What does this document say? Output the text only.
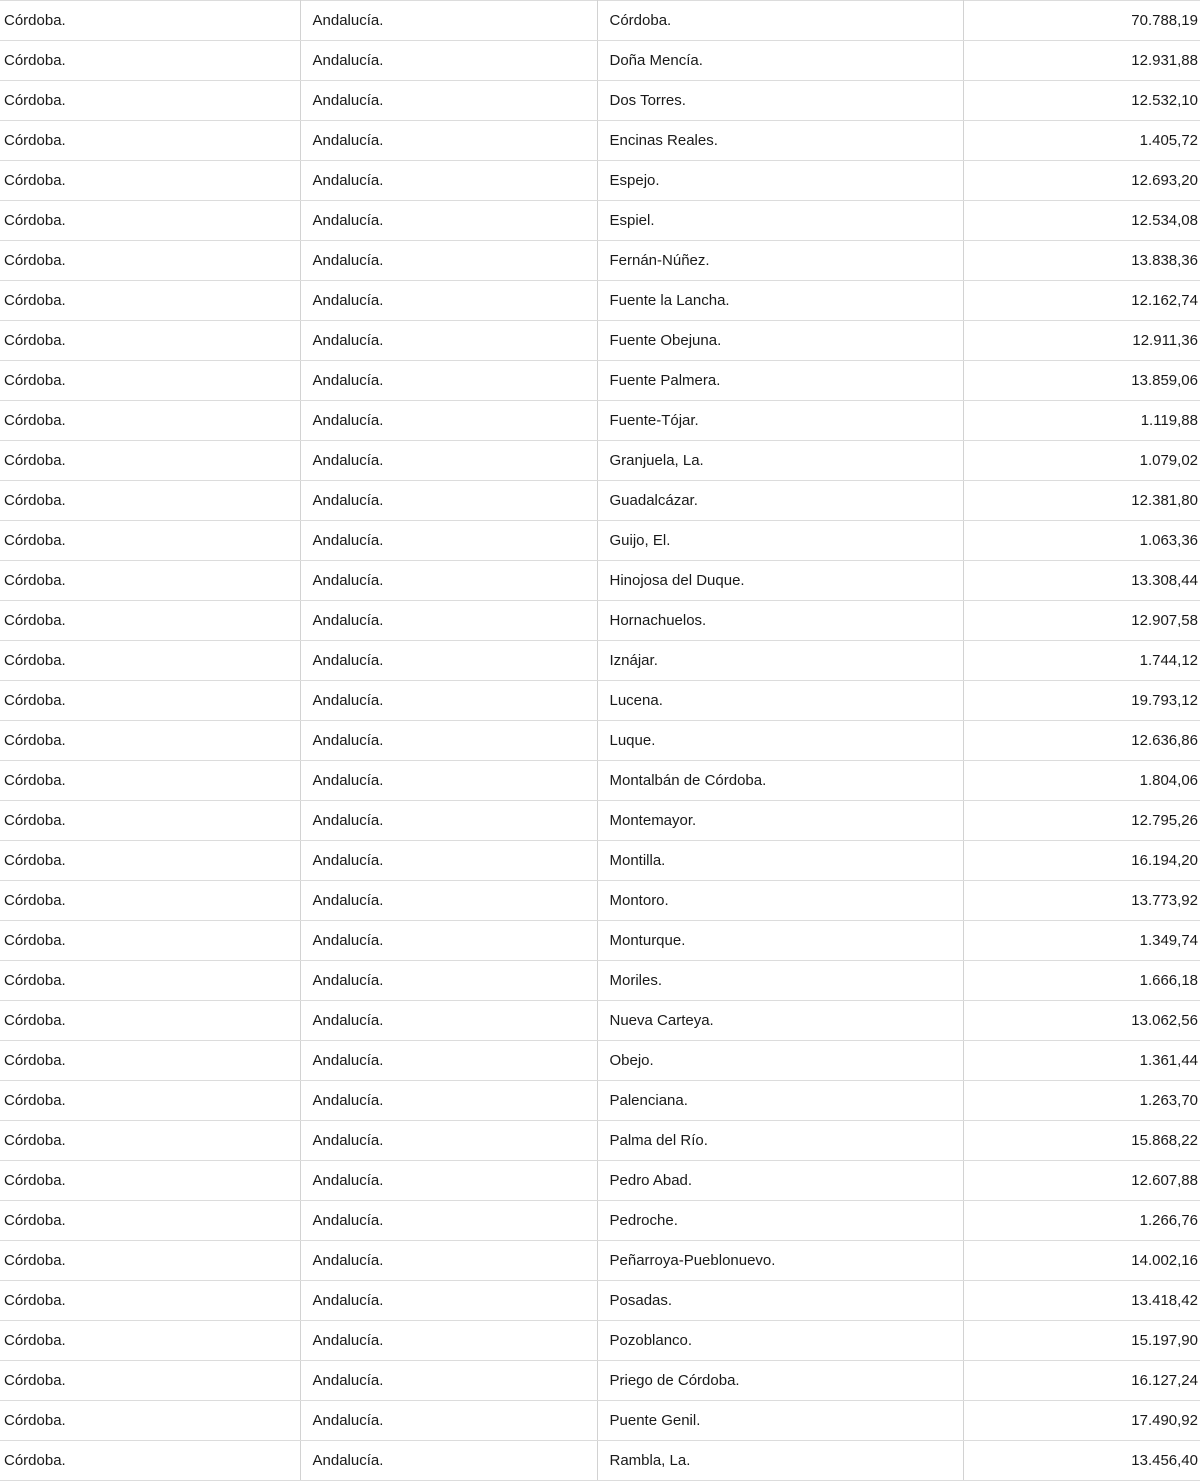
Córdoba.	Andalucía.	Córdoba.	70.788,19
Córdoba.	Andalucía.	Doña Mencía.	12.931,88
Córdoba.	Andalucía.	Dos Torres.	12.532,10
Córdoba.	Andalucía.	Encinas Reales.	1.405,72
Córdoba.	Andalucía.	Espejo.	12.693,20
Córdoba.	Andalucía.	Espiel.	12.534,08
Córdoba.	Andalucía.	Fernán-Núñez.	13.838,36
Córdoba.	Andalucía.	Fuente la Lancha.	12.162,74
Córdoba.	Andalucía.	Fuente Obejuna.	12.911,36
Córdoba.	Andalucía.	Fuente Palmera.	13.859,06
Córdoba.	Andalucía.	Fuente-Tójar.	1.119,88
Córdoba.	Andalucía.	Granjuela, La.	1.079,02
Córdoba.	Andalucía.	Guadalcázar.	12.381,80
Córdoba.	Andalucía.	Guijo, El.	1.063,36
Córdoba.	Andalucía.	Hinojosa del Duque.	13.308,44
Córdoba.	Andalucía.	Hornachuelos.	12.907,58
Córdoba.	Andalucía.	Iznájar.	1.744,12
Córdoba.	Andalucía.	Lucena.	19.793,12
Córdoba.	Andalucía.	Luque.	12.636,86
Córdoba.	Andalucía.	Montalbán de Córdoba.	1.804,06
Córdoba.	Andalucía.	Montemayor.	12.795,26
Córdoba.	Andalucía.	Montilla.	16.194,20
Córdoba.	Andalucía.	Montoro.	13.773,92
Córdoba.	Andalucía.	Monturque.	1.349,74
Córdoba.	Andalucía.	Moriles.	1.666,18
Córdoba.	Andalucía.	Nueva Carteya.	13.062,56
Córdoba.	Andalucía.	Obejo.	1.361,44
Córdoba.	Andalucía.	Palenciana.	1.263,70
Córdoba.	Andalucía.	Palma del Río.	15.868,22
Córdoba.	Andalucía.	Pedro Abad.	12.607,88
Córdoba.	Andalucía.	Pedroche.	1.266,76
Córdoba.	Andalucía.	Peñarroya-Pueblonuevo.	14.002,16
Córdoba.	Andalucía.	Posadas.	13.418,42
Córdoba.	Andalucía.	Pozoblanco.	15.197,90
Córdoba.	Andalucía.	Priego de Córdoba.	16.127,24
Córdoba.	Andalucía.	Puente Genil.	17.490,92
Córdoba.	Andalucía.	Rambla, La.	13.456,40
